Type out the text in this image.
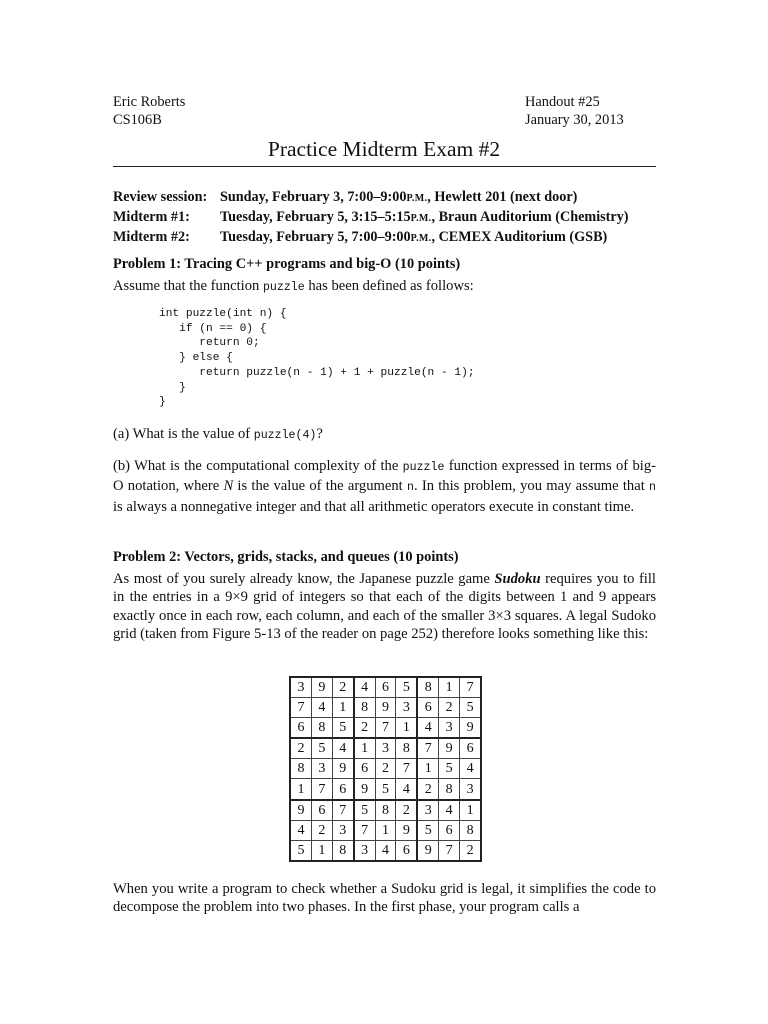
Eric Roberts
CS106B
Handout #25
January 30, 2013
Practice Midterm Exam #2
Review session: Sunday, February 3, 7:00–9:00P.M., Hewlett 201 (next door)
Midterm #1:	Tuesday, February 5, 3:15–5:15P.M., Braun Auditorium (Chemistry)
Midterm #2:	Tuesday, February 5, 7:00–9:00P.M., CEMEX Auditorium (GSB)
Problem 1: Tracing C++ programs and big-O (10 points)
Assume that the function puzzle has been defined as follows:
int puzzle(int n) {
if (n == 0) {
return 0;
} else {
return puzzle(n - 1) + 1 + puzzle(n - 1);
}
}
(a) What is the value of puzzle(4)?
(b) What is the computational complexity of the puzzle function expressed in terms of big-O notation, where N is the value of the argument n. In this problem, you may assume that n is always a nonnegative integer and that all arithmetic operators execute in constant time.
Problem 2: Vectors, grids, stacks, and queues (10 points)
As most of you surely already know, the Japanese puzzle game Sudoku requires you to fill in the entries in a 9×9 grid of integers so that each of the digits between 1 and 9 appears exactly once in each row, each column, and each of the smaller 3×3 squares. A legal Sudoko grid (taken from Figure 5-13 of the reader on page 252) therefore looks something like this:
3	9	2	4	6	5	8	1	7
7	4	1	8	9	3	6	2	5
6	8	5	2	7	1	4	3	9
2	5	4	1	3	8	7	9	6
8	3	9	6	2	7	1	5	4
1	7	6	9	5	4	2	8	3
9	6	7	5	8	2	3	4	1
4	2	3	7	1	9	5	6	8
5	1	8	3	4	6	9	7	2
When you write a program to check whether a Sudoku grid is legal, it simplifies the code to decompose the problem into two phases. In the first phase, your program calls a
